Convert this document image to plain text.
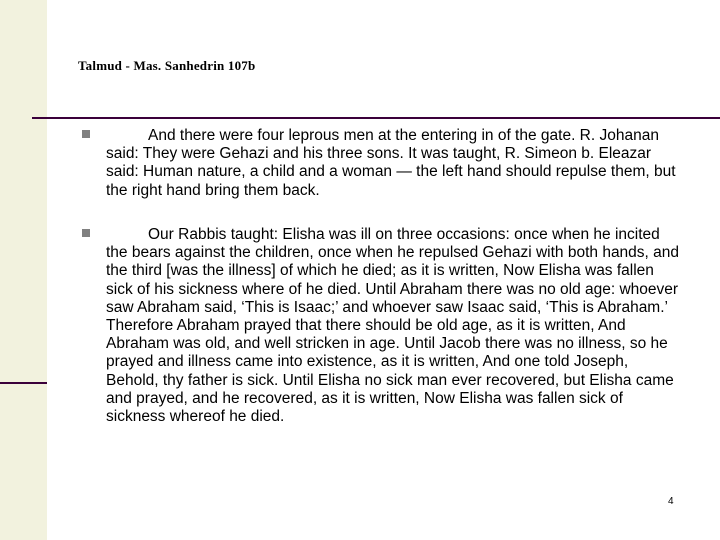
Talmud - Mas. Sanhedrin 107b

And there were four leprous men at the entering in of the gate. R. Johanan said: They were Gehazi and his three sons. It was taught, R. Simeon b. Eleazar said: Human nature, a child and a woman — the left hand should repulse them, but the right hand bring them back.

Our Rabbis taught: Elisha was ill on three occasions: once when he incited the bears against the children, once when he repulsed Gehazi with both hands, and the third [was the illness] of which he died; as it is written, Now Elisha was fallen sick of his sickness where of he died. Until Abraham there was no old age: whoever saw Abraham said, ‘This is Isaac;’ and whoever saw Isaac said, ‘This is Abraham.’ Therefore Abraham prayed that there should be old age, as it is written, And Abraham was old, and well stricken in age. Until Jacob there was no illness, so he prayed and illness came into existence, as it is written, And one told Joseph, Behold, thy father is sick. Until Elisha no sick man ever recovered, but Elisha came and prayed, and he recovered, as it is written, Now Elisha was fallen sick of sickness whereof he died.

4
